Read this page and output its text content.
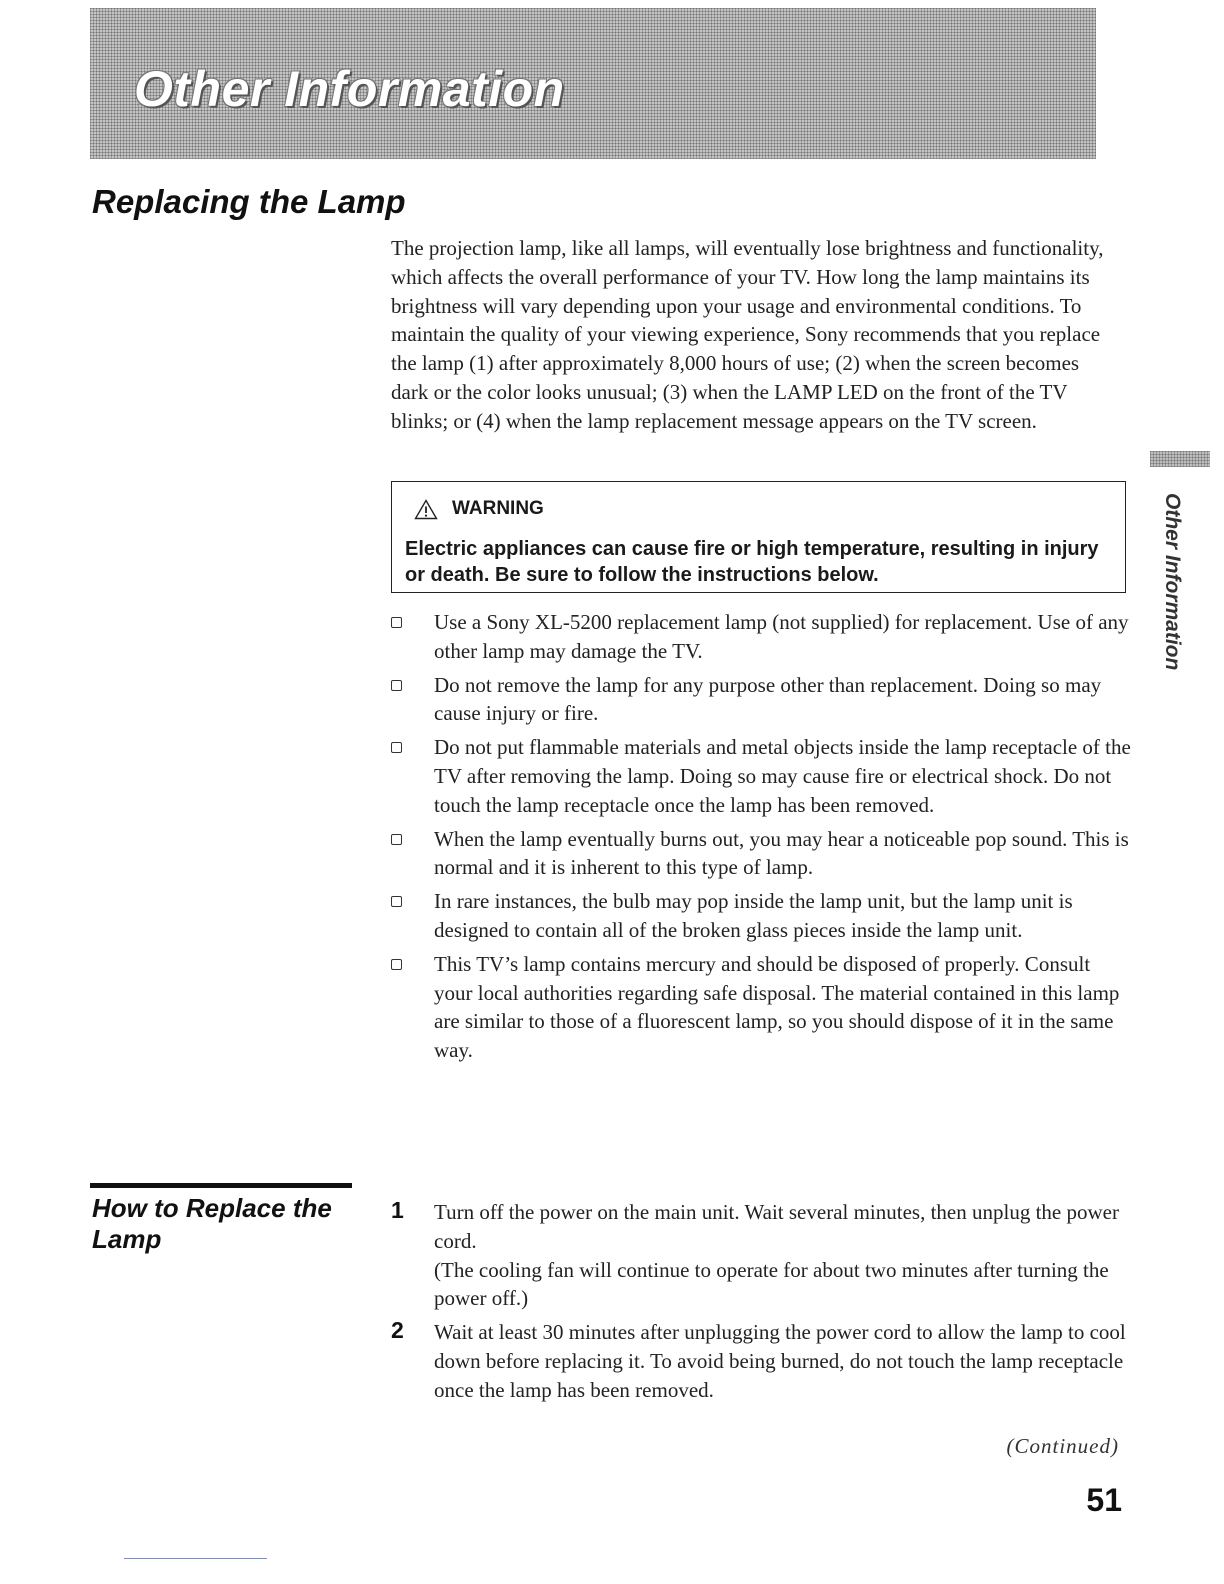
Other Information
Replacing the Lamp

The projection lamp, like all lamps, will eventually lose brightness and functionality, which affects the overall performance of your TV. How long the lamp maintains its brightness will vary depending upon your usage and environmental conditions. To maintain the quality of your viewing experience, Sony recommends that you replace the lamp (1) after approximately 8,000 hours of use; (2) when the screen becomes dark or the color looks unusual; (3) when the LAMP LED on the front of the TV blinks; or (4) when the lamp replacement message appears on the TV screen.

WARNING
Electric appliances can cause fire or high temperature, resulting in injury or death. Be sure to follow the instructions below.
Use a Sony XL-5200 replacement lamp (not supplied) for replacement. Use of any other lamp may damage the TV.
Do not remove the lamp for any purpose other than replacement. Doing so may cause injury or fire.
Do not put flammable materials and metal objects inside the lamp receptacle of the TV after removing the lamp. Doing so may cause fire or electrical shock. Do not touch the lamp receptacle once the lamp has been removed.
When the lamp eventually burns out, you may hear a noticeable pop sound. This is normal and it is inherent to this type of lamp.
In rare instances, the bulb may pop inside the lamp unit, but the lamp unit is designed to contain all of the broken glass pieces inside the lamp unit.
This TV’s lamp contains mercury and should be disposed of properly. Consult your local authorities regarding safe disposal. The material contained in this lamp are similar to those of a fluorescent lamp, so you should dispose of it in the same way.
How to Replace the Lamp
1 Turn off the power on the main unit. Wait several minutes, then unplug the power cord.
(The cooling fan will continue to operate for about two minutes after turning the power off.)
2 Wait at least 30 minutes after unplugging the power cord to allow the lamp to cool down before replacing it. To avoid being burned, do not touch the lamp receptacle once the lamp has been removed.
(Continued)
51
Other Information
